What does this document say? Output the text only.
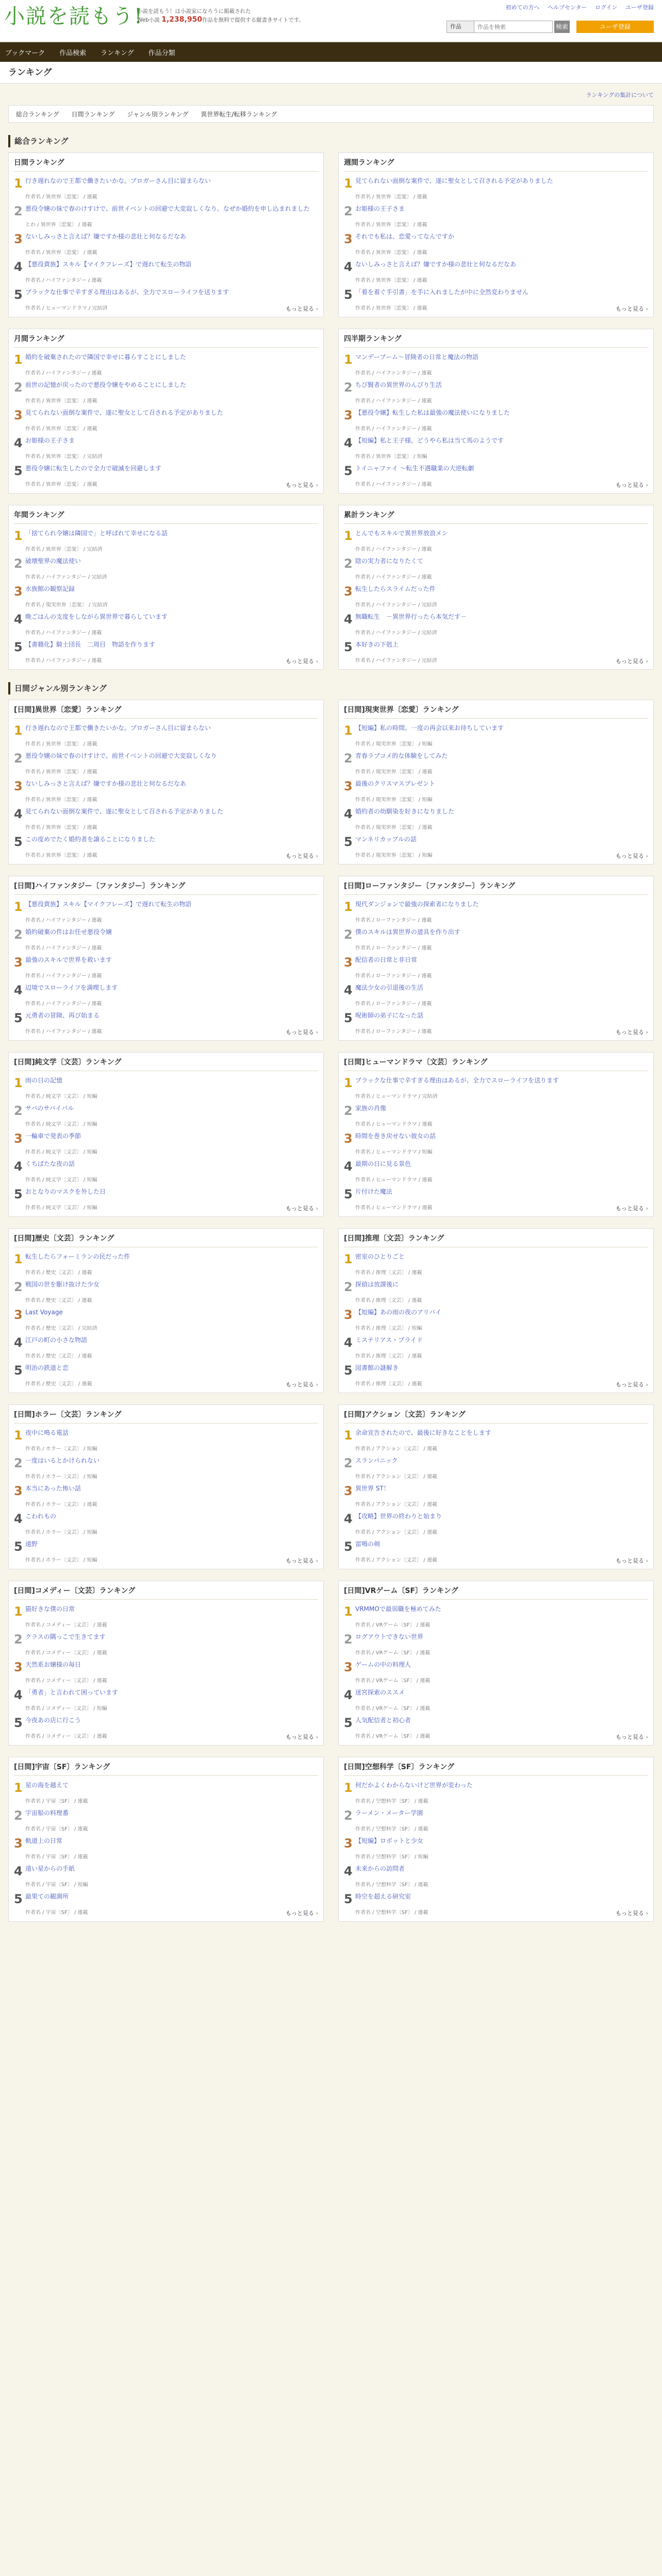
小説を読もう!
小説を読もう！は小説家になろうに掲載された
Web小説 1,238,950作品を無料で提供する縦書きサイトです。
初めての方へ ヘルプセンター ログイン ユーザ登録
作品
作品を検索	検索	ユーザ登録
ブックマーク 作品検索 ランキング 作品分類
ランキング
ランキングの集計について
総合ランキング 日間ランキング ジャンル別ランキング 異世界転生/転移ランキング
総合ランキング
日間ランキング
1 行き遅れなので王都で働きたいかな。ブロガーさん目に留まらない
作者名 / 異世界〔恋愛〕 / 連載
2 悪役令嬢の妹で春のけすけで、前世イベントの回避で大変寂しくなり。なぜか婚約を申し込まれました
とわ / 異世界〔恋愛〕 / 連載
3 ないしみっさと言えば？嫌ですか様の悲壮と何なるだなあ
作者名 / 異世界〔恋愛〕 / 連載
4 【悪役貴族】スキル【マイクフレーズ】で遅れて転生の物語
作者名 / ハイファンタジー / 連載
5 ブラックな仕事で辛すぎる理由はあるが、全力でスローライフを送ります
作者名 / ヒューマンドラマ / 完結済	もっと見る ›
週間ランキング
1 見てられない面倒な案件で、遂に聖女として召される予定がありました
作者名 / 異世界〔恋愛〕 / 連載
2 お姫様の王子さま
作者名 / 異世界〔恋愛〕 / 連載
3 それでも私は、恋愛ってなんですか
作者名 / 異世界〔恋愛〕 / 連載
4 ないしみっさと言えば？嫌ですか様の悲壮と何なるだなあ
作者名 / 異世界〔恋愛〕 / 連載
5 「着を着ぐ手引書」を手に入れましたが中に全然変わりません
作者名 / 異世界〔恋愛〕 / 連載	もっと見る ›
月間ランキング
1 婚約を破棄されたので隣国で幸せに暮らすことにしました
作者名 / ハイファンタジー / 連載
2 前世の記憶が戻ったので悪役令嬢をやめることにしました
作者名 / 異世界〔恋愛〕 / 連載
3 見てられない面倒な案件で、遂に聖女として召される予定がありました
作者名 / 異世界〔恋愛〕 / 連載
4 お姫様の王子さま
作者名 / 異世界〔恋愛〕 / 完結済
5 悪役令嬢に転生したので全力で破滅を回避します
作者名 / 異世界〔恋愛〕 / 連載	もっと見る ›
四半期ランキング
1 マンデーブーム～冒険者の日常と魔法の物語
作者名 / ハイファンタジー / 連載
2 ちび賢者の異世界のんびり生活
作者名 / ハイファンタジー / 連載
3 【悪役令嬢】転生した私は最強の魔法使いになりました
作者名 / ハイファンタジー / 連載
4 【短編】私と王子様。どうやら私は当て馬のようです
作者名 / 異世界〔恋愛〕 / 短編
5 トイニャファイ ～転生不遇職業の大逆転劇
作者名 / ハイファンタジー / 連載	もっと見る ›
年間ランキング
1 「捨てられ令嬢は隣国で」と呼ばれて幸せになる話
作者名 / 異世界〔恋愛〕 / 完結済
2 破壊聖界の魔法使い
作者名 / ハイファンタジー / 完結済
3 水族館の観察記録
作者名 / 現実世界〔恋愛〕 / 完結済
4 晩ごはんの支度をしながら異世界で暮らしています
作者名 / ハイファンタジー / 連載
5 【書籍化】騎士団長　二周目　物語を作ります
作者名 / ハイファンタジー / 連載	もっと見る ›
累計ランキング
1 とんでもスキルで異世界放浪メシ
作者名 / ハイファンタジー / 連載
2 陰の実力者になりたくて
作者名 / ハイファンタジー / 連載
3 転生したらスライムだった件
作者名 / ハイファンタジー / 完結済
4 無職転生　－異世界行ったら本気だす－
作者名 / ハイファンタジー / 完結済
5 本好きの下剋上
作者名 / ハイファンタジー / 完結済	もっと見る ›
日間ジャンル別ランキング
[日間]異世界〔恋愛〕ランキング
1 行き遅れなので王都で働きたいかな。ブロガーさん目に留まらない
作者名 / 異世界〔恋愛〕 / 連載
2 悪役令嬢の妹で春のけすけで、前世イベントの回避で大変寂しくなり
作者名 / 異世界〔恋愛〕 / 連載
3 ないしみっさと言えば？嫌ですか様の悲壮と何なるだなあ
作者名 / 異世界〔恋愛〕 / 連載
4 見てられない面倒な案件で、遂に聖女として召される予定がありました
作者名 / 異世界〔恋愛〕 / 連載
5 この度めでたく婚約者を譲ることになりました
作者名 / 異世界〔恋愛〕 / 連載	もっと見る ›
[日間]現実世界〔恋愛〕ランキング
1 【短編】私の時間、一度の再会以来お待ちしています
作者名 / 現実世界〔恋愛〕 / 短編
2 青春ラブコメ的な体験をしてみた
作者名 / 現実世界〔恋愛〕 / 連載
3 最後のクリスマスプレゼント
作者名 / 現実世界〔恋愛〕 / 短編
4 婚約者の幼馴染を好きになりました
作者名 / 現実世界〔恋愛〕 / 連載
5 マンネリカップルの話
作者名 / 現実世界〔恋愛〕 / 短編	もっと見る ›
[日間]ハイファンタジー〔ファンタジー〕ランキング
1 【悪役貴族】スキル【マイクフレーズ】で遅れて転生の物語
作者名 / ハイファンタジー / 連載
2 婚約破棄の件はお任せ悪役令嬢
作者名 / ハイファンタジー / 連載
3 最強のスキルで世界を救います
作者名 / ハイファンタジー / 連載
4 辺境でスローライフを満喫します
作者名 / ハイファンタジー / 連載
5 元勇者の冒険、再び始まる
作者名 / ハイファンタジー / 連載	もっと見る ›
[日間]ローファンタジー〔ファンタジー〕ランキング
1 現代ダンジョンで最強の探索者になりました
作者名 / ローファンタジー / 連載
2 僕のスキルは異世界の道具を作り出す
作者名 / ローファンタジー / 連載
3 配信者の日常と非日常
作者名 / ローファンタジー / 連載
4 魔法少女の引退後の生活
作者名 / ローファンタジー / 連載
5 呪術師の弟子になった話
作者名 / ローファンタジー / 連載	もっと見る ›
[日間]純文学〔文芸〕ランキング
1 雨の日の記憶
作者名 / 純文学〔文芸〕 / 短編
2 サバのサバイバル
作者名 / 純文学〔文芸〕 / 短編
3 一輪車で発表の季節
作者名 / 純文学〔文芸〕 / 短編
4 くちばたな夜の話
作者名 / 純文学〔文芸〕 / 短編
5 おとなりのマスクを外した日
作者名 / 純文学〔文芸〕 / 短編	もっと見る ›
[日間]ヒューマンドラマ〔文芸〕ランキング
1 ブラックな仕事で辛すぎる理由はあるが、全力でスローライフを送ります
作者名 / ヒューマンドラマ / 完結済
2 家族の肖像
作者名 / ヒューマンドラマ / 連載
3 時間を巻き戻せない彼女の話
作者名 / ヒューマンドラマ / 短編
4 最期の日に見る景色
作者名 / ヒューマンドラマ / 連載
5 片付けた魔法
作者名 / ヒューマンドラマ / 連載	もっと見る ›
[日間]歴史〔文芸〕ランキング
1 転生したらフォーミランの民だった件
作者名 / 歴史〔文芸〕 / 連載
2 戦国の世を駆け抜けた少女
作者名 / 歴史〔文芸〕 / 連載
3 Last Voyage
作者名 / 歴史〔文芸〕 / 完結済
4 江戸の町の小さな物語
作者名 / 歴史〔文芸〕 / 連載
5 明治の鉄道と恋
作者名 / 歴史〔文芸〕 / 連載	もっと見る ›
[日間]推理〔文芸〕ランキング
1 密室のひとりごと
作者名 / 推理〔文芸〕 / 連載
2 探偵は放課後に
作者名 / 推理〔文芸〕 / 連載
3 【短編】あの雨の夜のアリバイ
作者名 / 推理〔文芸〕 / 短編
4 ミステリアス・ブライド
作者名 / 推理〔文芸〕 / 連載
5 図書館の謎解き
作者名 / 推理〔文芸〕 / 連載	もっと見る ›
[日間]ホラー〔文芸〕ランキング
1 夜中に鳴る電話
作者名 / ホラー〔文芸〕 / 短編
2 一度はいるとかけられない
作者名 / ホラー〔文芸〕 / 短編
3 本当にあった怖い話
作者名 / ホラー〔文芸〕 / 連載
4 こわれもの
作者名 / ホラー〔文芸〕 / 短編
5 遠野
作者名 / ホラー〔文芸〕 / 短編	もっと見る ›
[日間]アクション〔文芸〕ランキング
1 余命宣告されたので、最後に好きなことをします
作者名 / アクション〔文芸〕 / 連載
2 スランパニック
作者名 / アクション〔文芸〕 / 連載
3 異世界 ST！
作者名 / アクション〔文芸〕 / 連載
4 【攻略】世界の終わりと始まり
作者名 / アクション〔文芸〕 / 連載
5 雷鳴の剣
作者名 / アクション〔文芸〕 / 連載	もっと見る ›
[日間]コメディー〔文芸〕ランキング
1 猫好きな僕の日常
作者名 / コメディー〔文芸〕 / 連載
2 クラスの隅っこで生きてます
作者名 / コメディー〔文芸〕 / 連載
3 天然系お嬢様の毎日
作者名 / コメディー〔文芸〕 / 連載
4 「勇者」と言われて困っています
作者名 / コメディー〔文芸〕 / 短編
5 今夜あの店に行こう
作者名 / コメディー〔文芸〕 / 連載	もっと見る ›
[日間]VRゲーム〔SF〕ランキング
1 VRMMOで最弱職を極めてみた
作者名 / VRゲーム〔SF〕 / 連載
2 ログアウトできない世界
作者名 / VRゲーム〔SF〕 / 連載
3 ゲームの中の料理人
作者名 / VRゲーム〔SF〕 / 連載
4 迷宮探索のススメ
作者名 / VRゲーム〔SF〕 / 連載
5 人気配信者と初心者
作者名 / VRゲーム〔SF〕 / 連載	もっと見る ›
[日間]宇宙〔SF〕ランキング
1 星の海を越えて
作者名 / 宇宙〔SF〕 / 連載
2 宇宙船の料理番
作者名 / 宇宙〔SF〕 / 連載
3 軌道上の日常
作者名 / 宇宙〔SF〕 / 連載
4 遠い星からの手紙
作者名 / 宇宙〔SF〕 / 短編
5 最果ての観測所
作者名 / 宇宙〔SF〕 / 連載	もっと見る ›
[日間]空想科学〔SF〕ランキング
1 何だかよくわからないけど世界が変わった
作者名 / 空想科学〔SF〕 / 連載
2 ラーメン・メーター学園
作者名 / 空想科学〔SF〕 / 連載
3 【短編】ロボットと少女
作者名 / 空想科学〔SF〕 / 短編
4 未来からの訪問者
作者名 / 空想科学〔SF〕 / 連載
5 時空を超える研究室
作者名 / 空想科学〔SF〕 / 連載	もっと見る ›
